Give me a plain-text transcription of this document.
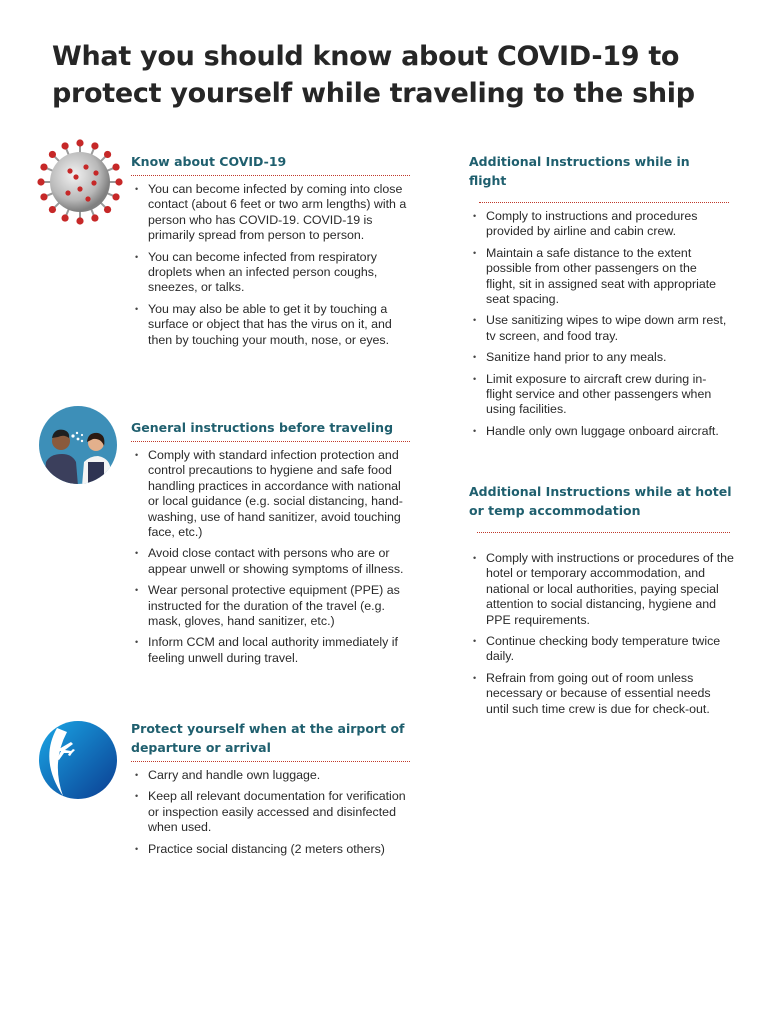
What you should know about COVID-19 to protect yourself while traveling to the ship
Know about COVID-19
• You can become infected by coming into close contact (about 6 feet or two arm lengths) with a person who has COVID-19. COVID-19 is primarily spread from person to person.
• You can become infected from respiratory droplets when an infected person coughs, sneezes, or talks.
• You may also be able to get it by touching a surface or object that has the virus on it, and then by touching your mouth, nose, or eyes.
General instructions before traveling
• Comply with standard infection protection and control precautions to hygiene and safe food handling practices in accordance with national or local guidance (e.g. social distancing, hand-washing, use of hand sanitizer, avoid touching face, etc.)
• Avoid close contact with persons who are or appear unwell or showing symptoms of illness.
• Wear personal protective equipment (PPE) as instructed for the duration of the travel (e.g. mask, gloves, hand sanitizer, etc.)
• Inform CCM and local authority immediately if feeling unwell during travel.
Protect yourself when at the airport of departure or arrival
• Carry and handle own luggage.
• Keep all relevant documentation for verification or inspection easily accessed and disinfected when used.
• Practice social distancing (2 meters others)
Additional Instructions while in flight
• Comply to instructions and procedures provided by airline and cabin crew.
• Maintain a safe distance to the extent possible from other passengers on the flight, sit in assigned seat with appropriate seat spacing.
• Use sanitizing wipes to wipe down arm rest, tv screen, and food tray.
• Sanitize hand prior to any meals.
• Limit exposure to aircraft crew during in-flight service and other passengers when using facilities.
• Handle only own luggage onboard aircraft.
Additional Instructions while at hotel or temp accommodation
• Comply with instructions or procedures of the hotel or temporary accommodation, and national or local authorities, paying special attention to social distancing, hygiene and PPE requirements.
• Continue checking body temperature twice daily.
• Refrain from going out of room unless necessary or because of essential needs until such time crew is due for check-out.
